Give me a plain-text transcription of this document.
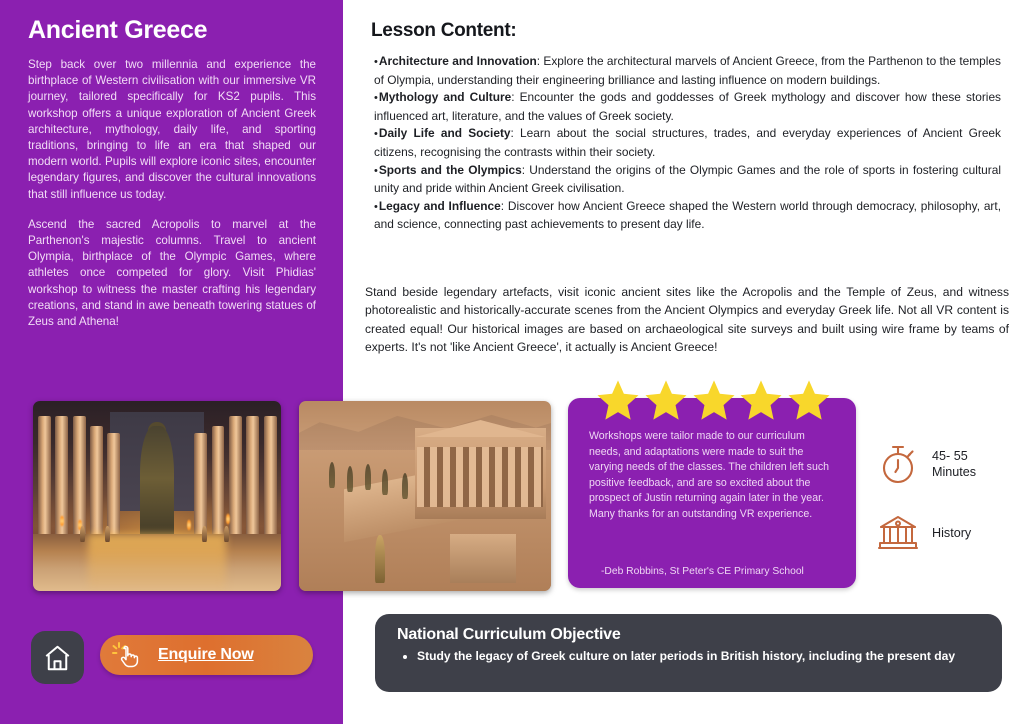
Ancient Greece

Step back over two millennia and experience the birthplace of Western civilisation with our immersive VR journey, tailored specifically for KS2 pupils. This workshop offers a unique exploration of Ancient Greek architecture, mythology, daily life, and sporting traditions, bringing to life an era that shaped our modern world. Pupils will explore iconic sites, encounter legendary figures, and discover the cultural innovations that still influence us today.

Ascend the sacred Acropolis to marvel at the Parthenon's majestic columns. Travel to ancient Olympia, birthplace of the Olympic Games, where athletes once competed for glory. Visit Phidias' workshop to witness the master crafting his legendary creations, and stand in awe beneath towering statues of Zeus and Athena!

Enquire Now
Lesson Content:
• Architecture and Innovation: Explore the architectural marvels of Ancient Greece, from the Parthenon to the temples of Olympia, understanding their engineering brilliance and lasting influence on modern buildings.
• Mythology and Culture: Encounter the gods and goddesses of Greek mythology and discover how these stories influenced art, literature, and the values of Greek society.
• Daily Life and Society: Learn about the social structures, trades, and everyday experiences of Ancient Greek citizens, recognising the contrasts within their society.
• Sports and the Olympics: Understand the origins of the Olympic Games and the role of sports in fostering cultural unity and pride within Ancient Greek civilisation.
• Legacy and Influence: Discover how Ancient Greece shaped the Western world through democracy, philosophy, art, and science, connecting past achievements to present day life.
Stand beside legendary artefacts, visit iconic ancient sites like the Acropolis and the Temple of Zeus, and witness photorealistic and historically-accurate scenes from the Ancient Olympics and everyday Greek life. Not all VR content is created equal! Our historical images are based on archaeological site surveys and built using wire frame by teams of experts. It's not 'like Ancient Greece', it actually is Ancient Greece!
Workshops were tailor made to our curriculum needs, and adaptations were made to suit the varying needs of the classes. The children left such positive feedback, and are so excited about the prospect of Justin returning again later in the year. Many thanks for an outstanding VR experience.
-Deb Robbins, St Peter's CE Primary School
45- 55 Minutes
History
National Curriculum Objective
• Study the legacy of Greek culture on later periods in British history, including the present day
